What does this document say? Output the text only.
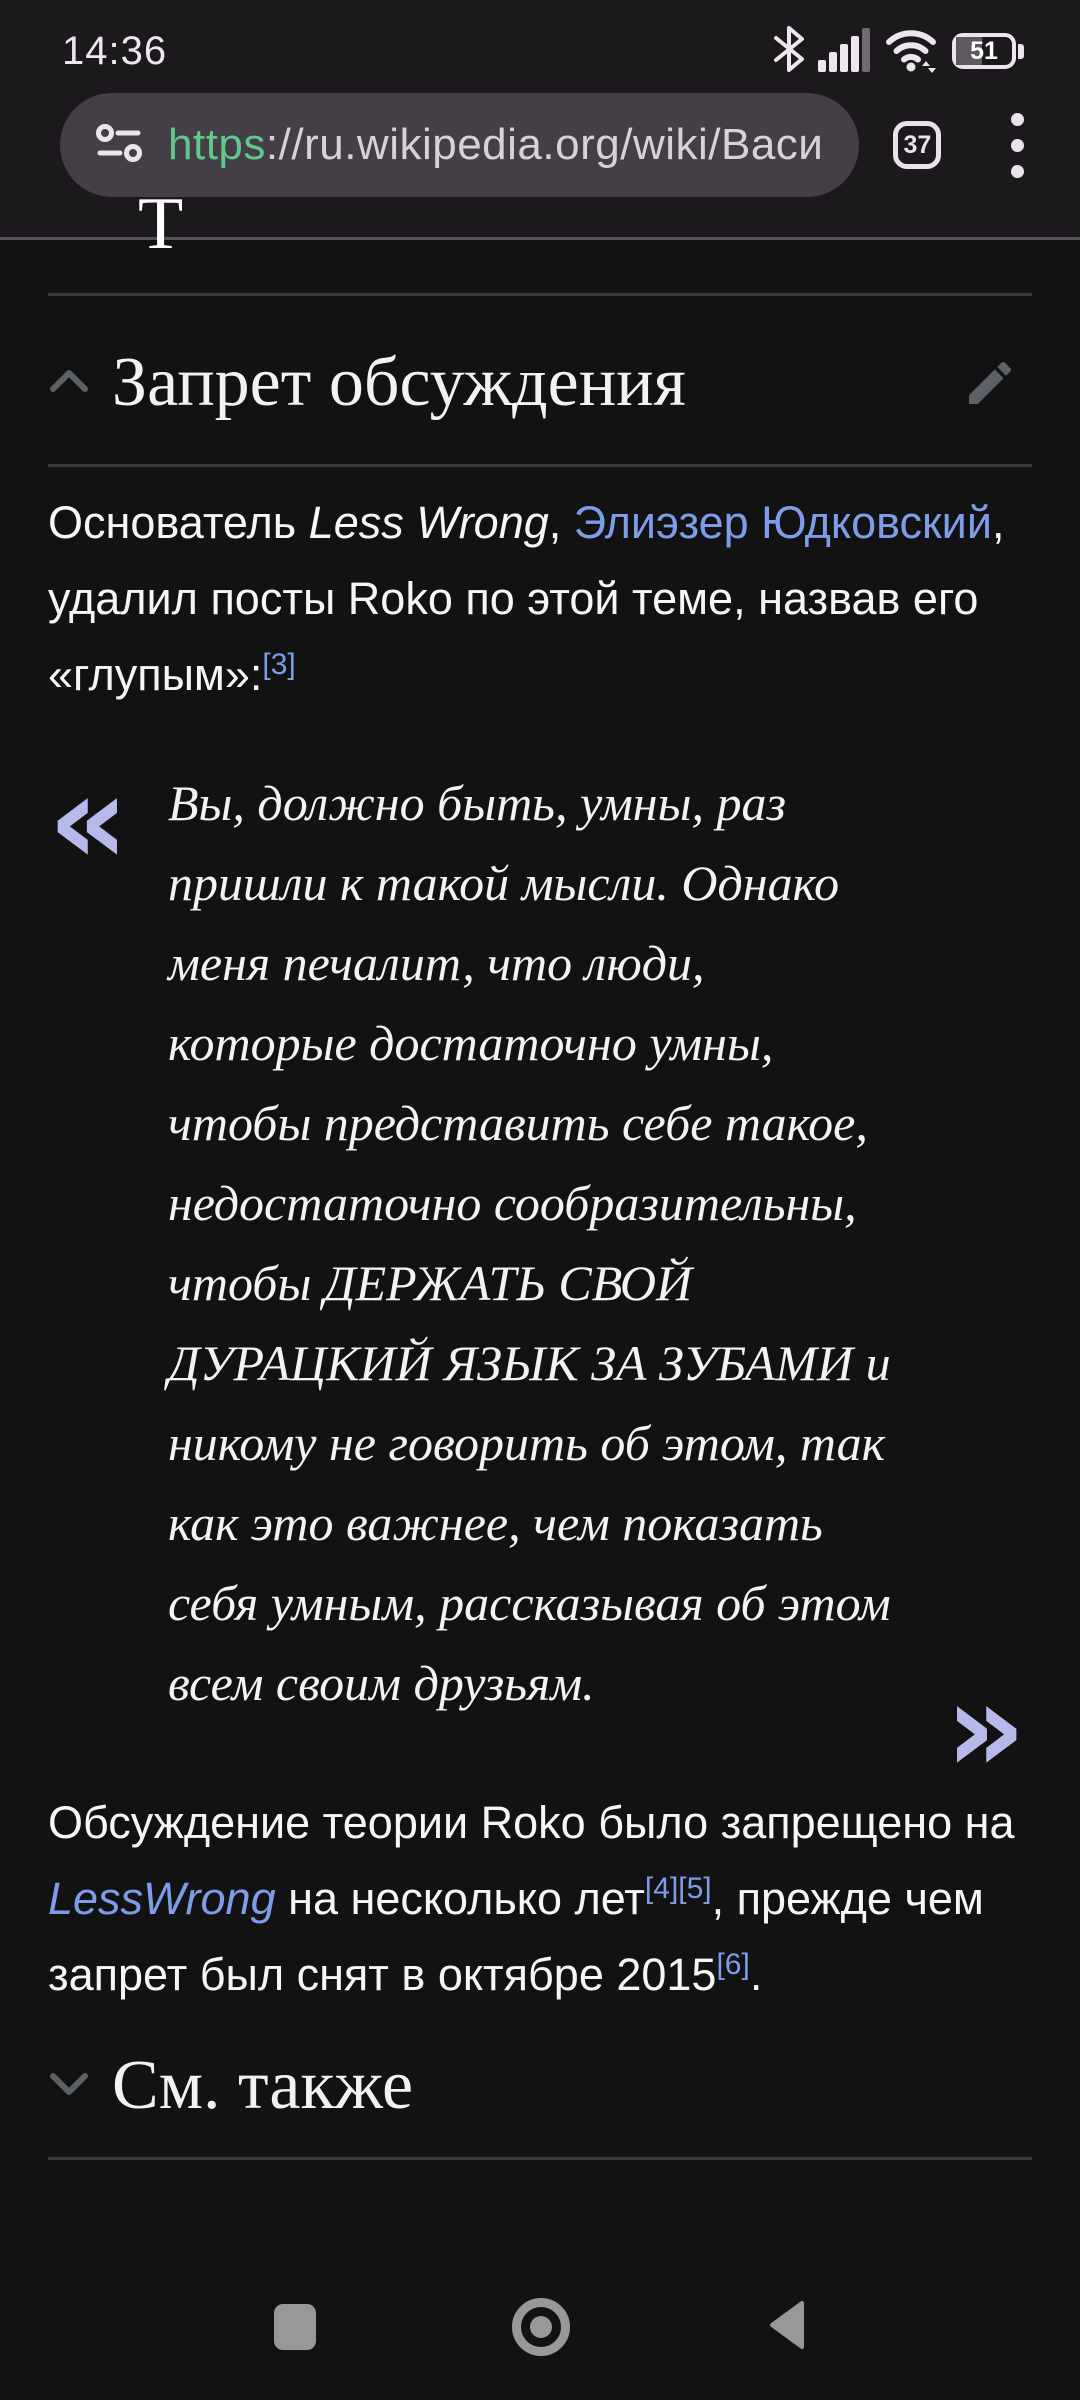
14:36	51
https://ru.wikipedia.org/wiki/Васи	37
Т
Запрет обсуждения

Основатель Less Wrong, Элиэзер Юдковский, удалил посты Roko по этой теме, назвав его «глупым»:[3]

« Вы, должно быть, умны, раз пришли к такой мысли. Однако меня печалит, что люди, которые достаточно умны, чтобы представить себе такое, недостаточно сообразительны, чтобы ДЕРЖАТЬ СВОЙ ДУРАЦКИЙ ЯЗЫК ЗА ЗУБАМИ и никому не говорить об этом, так как это важнее, чем показать себя умным, рассказывая об этом всем своим друзьям.	»

Обсуждение теории Roko было запрещено на LessWrong на несколько лет[4][5], прежде чем запрет был снят в октябре 2015[6].

См. также
